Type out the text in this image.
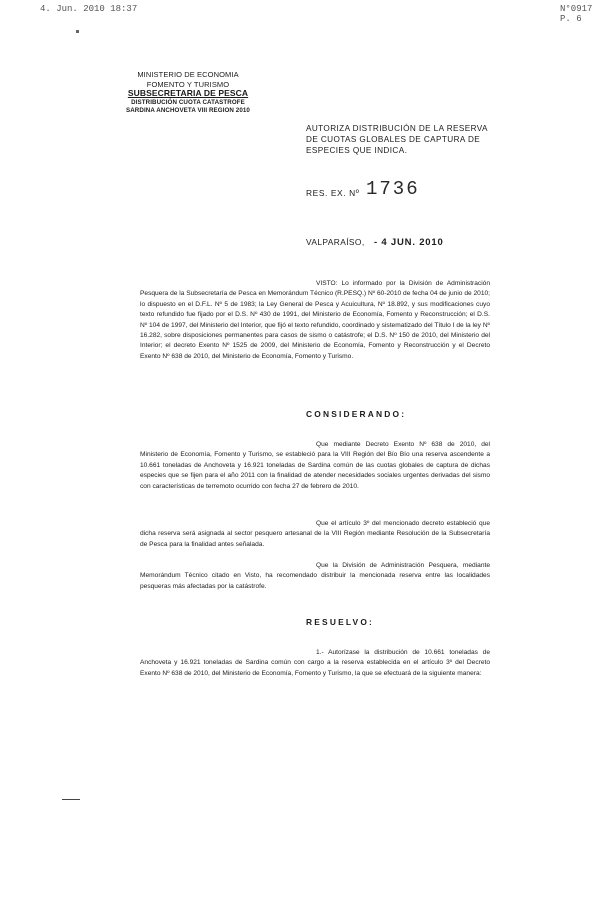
4. Jun. 2010 18:37	N°0917 P. 6
MINISTERIO DE ECONOMIA
FOMENTO Y TURISMO
SUBSECRETARIA DE PESCA
DISTRIBUCIÓN CUOTA CATASTROFE
SARDINA ANCHOVETA VIII REGION 2010
AUTORIZA DISTRIBUCIÓN DE LA RESERVA DE CUOTAS GLOBALES DE CAPTURA DE ESPECIES QUE INDICA.
RES. EX. Nº 1736
VALPARAÍSO, - 4 JUN. 2010
VISTO: Lo informado por la División de Administración Pesquera de la Subsecretaría de Pesca en Memorándum Técnico (R.PESQ.) Nº 60-2010 de fecha 04 de junio de 2010; lo dispuesto en el D.F.L. Nº 5 de 1983; la Ley General de Pesca y Acuicultura, Nº 18.892, y sus modificaciones cuyo texto refundido fue fijado por el D.S. Nº 430 de 1991, del Ministerio de Economía, Fomento y Reconstrucción; el D.S. Nº 104 de 1997, del Ministerio del Interior, que fijó el texto refundido, coordinado y sistematizado del Título I de la ley Nº 16.282, sobre disposiciones permanentes para casos de sismo o catástrofe; el D.S. Nº 150 de 2010, del Ministerio del Interior; el decreto Exento Nº 1525 de 2009, del Ministerio de Economía, Fomento y Reconstrucción y el Decreto Exento Nº 638 de 2010, del Ministerio de Economía, Fomento y Turismo.
CONSIDERANDO:
Que mediante Decreto Exento Nº 638 de 2010, del Ministerio de Economía, Fomento y Turismo, se estableció para la VIII Región del Bío Bío una reserva ascendente a 10.661 toneladas de Anchoveta y 16.921 toneladas de Sardina común de las cuotas globales de captura de dichas especies que se fijen para el año 2011 con la finalidad de atender necesidades sociales urgentes derivadas del sismo con características de terremoto ocurrido con fecha 27 de febrero de 2010.
Que el artículo 3º del mencionado decreto estableció que dicha reserva será asignada al sector pesquero artesanal de la VIII Región mediante Resolución de la Subsecretaría de Pesca para la finalidad antes señalada.
Que la División de Administración Pesquera, mediante Memorándum Técnico citado en Visto, ha recomendado distribuir la mencionada reserva entre las localidades pesqueras más afectadas por la catástrofe.
RESUELVO:
1.- Autorízase la distribución de 10.661 toneladas de Anchoveta y 16.921 toneladas de Sardina común con cargo a la reserva establecida en el artículo 3º del Decreto Exento Nº 638 de 2010, del Ministerio de Economía, Fomento y Turismo, la que se efectuará de la siguiente manera:
